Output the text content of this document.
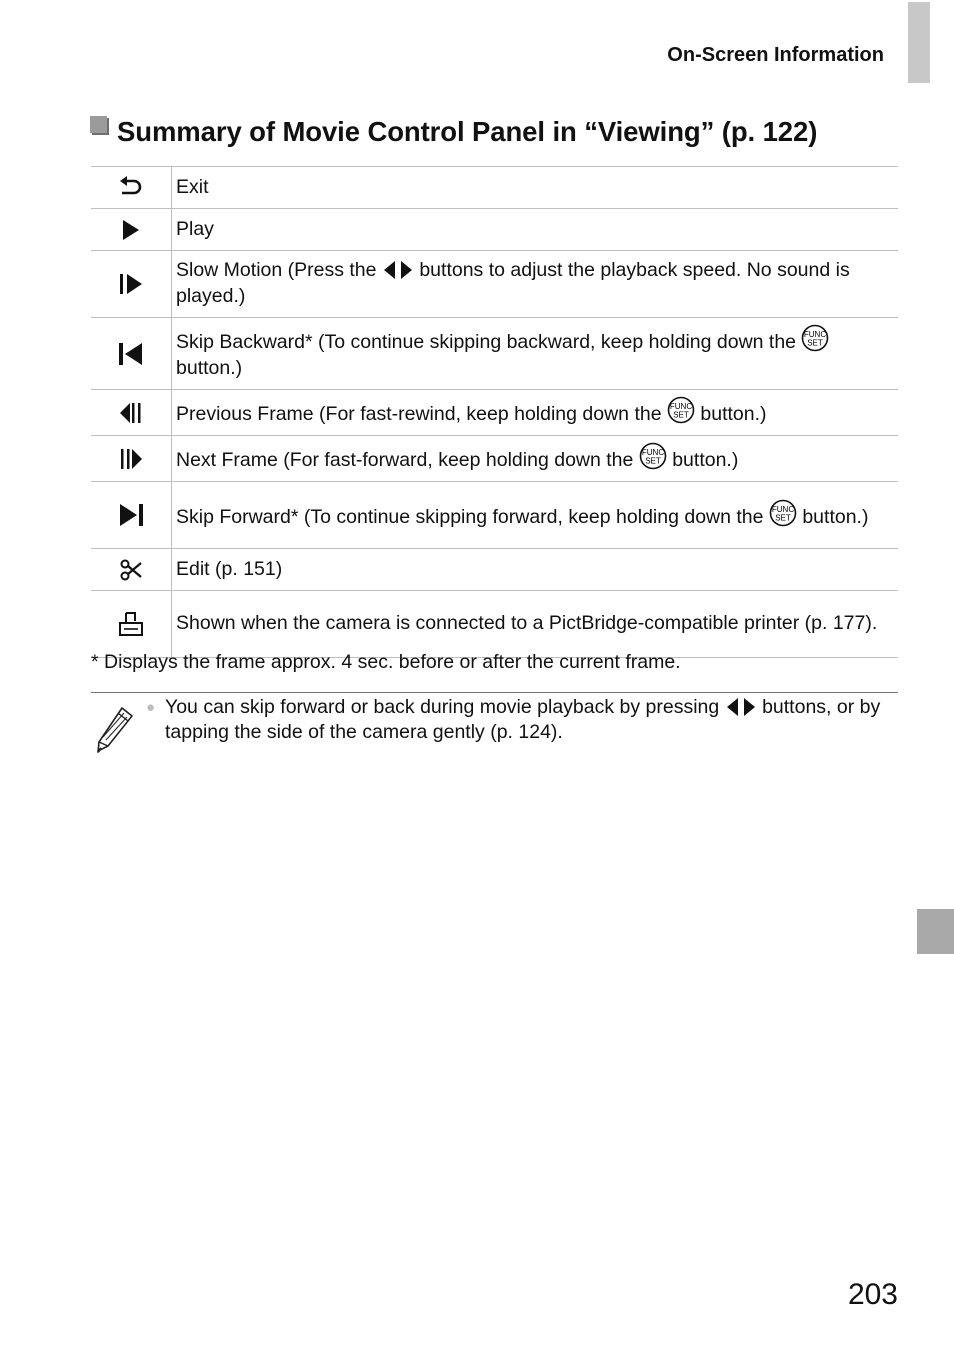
On-Screen Information
Summary of Movie Control Panel in “Viewing” (p. 122)
	Exit
	Play
	Slow Motion (Press the  buttons to adjust the playback speed. No sound is played.)
	Skip Backward* (To continue skipping backward, keep holding down the FUNC
SET
button.)
	Previous Frame (For fast-rewind, keep holding down the FUNC
SET button.)
	Next Frame (For fast-forward, keep holding down the FUNC
SET button.)
	Skip Forward* (To continue skipping forward, keep holding down the FUNC
SET button.)
	Edit (p. 151)
	Shown when the camera is connected to a PictBridge-compatible printer (p. 177).
* Displays the frame approx. 4 sec. before or after the current frame.
● You can skip forward or back during movie playback by pressing  buttons, or by tapping the side of the camera gently (p. 124).
203
